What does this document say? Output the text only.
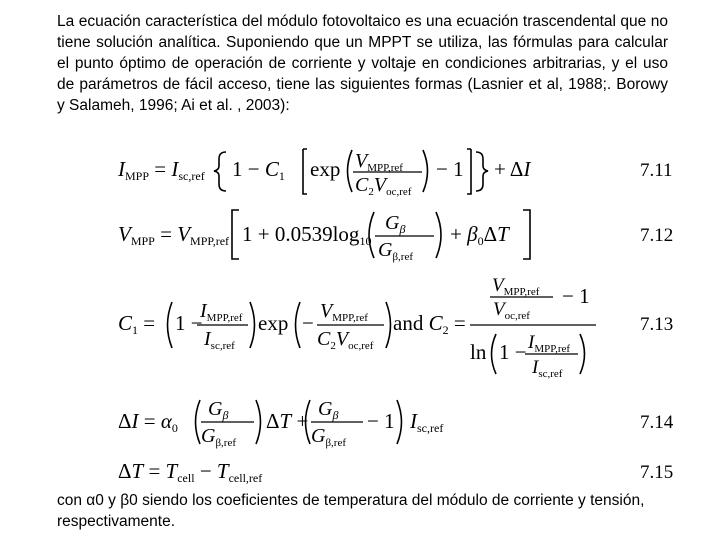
La ecuación característica del módulo fotovoltaico es una ecuación trascendental que no tiene solución analítica. Suponiendo que un MPPT se utiliza, las fórmulas para calcular el punto óptimo de operación de corriente y voltaje en condiciones arbitrarias, y el uso de parámetros de fácil acceso, tiene las siguientes formas (Lasnier et al, 1988;. Borowy y Salameh, 1996; Ai et al. , 2003):

IMPP = Isc,ref 1 − C1 $\exp V_{MPP,ref}$
$C_2V_{oc,ref}$
− 1 + ΔI	7.11
VMPP = VMPP,ref 1 + 0.0539log10
$G_\beta$
$G_{\beta,ref}$
+ β0ΔT	7.12
C1 = 1 −
$I_{MPP,ref}$
$I_{sc,ref}$
$\exp - V_{MPP,ref}$
$C_2V_{oc,ref}$
and C2 =
$V_{MPP,ref}$
$V_{oc,ref}$
− 1
$\ln 1 - I_{MPP,ref}$
$I_{sc,ref}$
7.13
ΔI = α0
$G_\beta$
$G_{\beta,ref}$
$\Delta T + G_\beta$
$G_{\beta,ref}$
− 1 Isc,ref	7.14
ΔT = Tcell − Tcell,ref	7.15

con α0 y β0 siendo los coeficientes de temperatura del módulo de corriente y tensión, respectivamente.
